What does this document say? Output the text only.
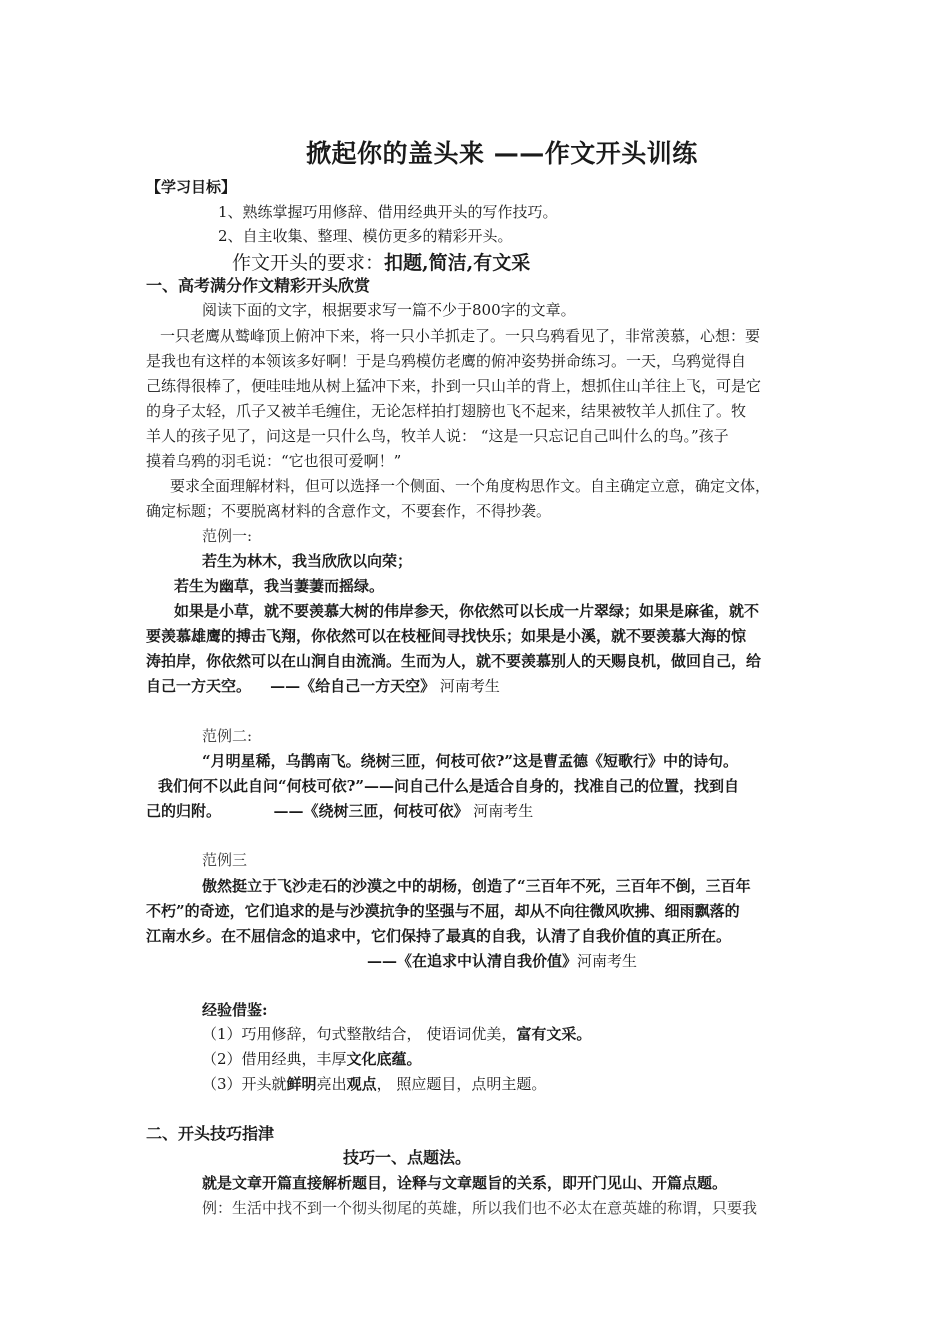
掀起你的盖头来 ——作文开头训练
【学习目标】
1、熟练掌握巧用修辞、借用经典开头的写作技巧。
2、自主收集、整理、模仿更多的精彩开头。
作文开头的要求：扣题,简洁,有文采
一、高考满分作文精彩开头欣赏
阅读下面的文字，根据要求写一篇不少于800字的文章。
一只老鹰从鹫峰顶上俯冲下来，将一只小羊抓走了。一只乌鸦看见了，非常羡慕，心想：要
是我也有这样的本领该多好啊！于是乌鸦模仿老鹰的俯冲姿势拼命练习。一天，乌鸦觉得自
己练得很棒了，便哇哇地从树上猛冲下来，扑到一只山羊的背上，想抓住山羊往上飞，可是它
的身子太轻，爪子又被羊毛缠住，无论怎样拍打翅膀也飞不起来，结果被牧羊人抓住了。牧
羊人的孩子见了，问这是一只什么鸟，牧羊人说： “这是一只忘记自己叫什么的鸟。”孩子
摸着乌鸦的羽毛说：“它也很可爱啊！”
要求全面理解材料，但可以选择一个侧面、一个角度构思作文。自主确定立意，确定文体，
确定标题；不要脱离材料的含意作文，不要套作，不得抄袭。
范例一:
若生为林木，我当欣欣以向荣；
若生为幽草，我当萋萋而摇绿。
如果是小草，就不要羡慕大树的伟岸参天，你依然可以长成一片翠绿；如果是麻雀，就不
要羡慕雄鹰的搏击飞翔，你依然可以在枝桠间寻找快乐；如果是小溪，就不要羡慕大海的惊
涛拍岸，你依然可以在山涧自由流淌。生而为人，就不要羡慕别人的天赐良机，做回自己，给
自己一方天空。 ——《给自己一方天空》 河南考生
范例二:
“月明星稀，乌鹊南飞。绕树三匝，何枝可依?”这是曹孟德《短歌行》中的诗句。
我们何不以此自问“何枝可依?”——问自己什么是适合自身的，找准自己的位置，找到自
己的归附。	——《绕树三匝，何枝可依》 河南考生
范例三
傲然挺立于飞沙走石的沙漠之中的胡杨，创造了“三百年不死，三百年不倒，三百年
不朽”的奇迹，它们追求的是与沙漠抗争的坚强与不屈，却从不向往微风吹拂、细雨飘落的
江南水乡。在不屈信念的追求中，它们保持了最真的自我，认清了自我价值的真正所在。
——《在追求中认清自我价值》河南考生
经验借鉴:
（1）巧用修辞，句式整散结合， 使语词优美，富有文采。
（2）借用经典，丰厚文化底蕴。
（3）开头就鲜明亮出观点， 照应题目，点明主题。
二、开头技巧指津
技巧一、点题法。
就是文章开篇直接解析题目，诠释与文章题旨的关系，即开门见山、开篇点题。
例：生活中找不到一个彻头彻尾的英雄，所以我们也不必太在意英雄的称谓，只要我
